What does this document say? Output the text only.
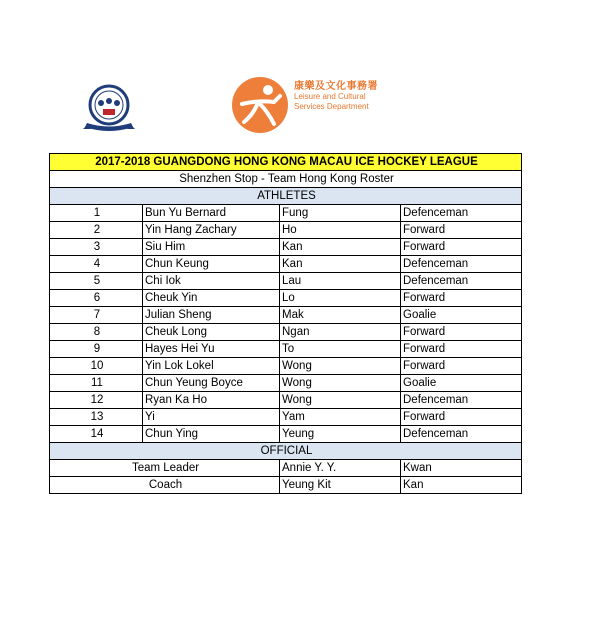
康樂及文化事務署
Leisure and Cultural
Services Department
2017-2018 GUANGDONG HONG KONG MACAU ICE HOCKEY LEAGUE			
Shenzhen Stop - Team Hong Kong Roster			
ATHLETES			
1	Bun Yu Bernard	Fung	Defenceman
2	Yin Hang Zachary	Ho	Forward
3	Siu Him	Kan	Forward
4	Chun Keung	Kan	Defenceman
5	Chi Iok	Lau	Defenceman
6	Cheuk Yin	Lo	Forward
7	Julian Sheng	Mak	Goalie
8	Cheuk Long	Ngan	Forward
9	Hayes Hei Yu	To	Forward
10	Yin Lok Lokel	Wong	Forward
11	Chun Yeung Boyce	Wong	Goalie
12	Ryan Ka Ho	Wong	Defenceman
13	Yi	Yam	Forward
14	Chun Ying	Yeung	Defenceman
OFFICIAL			
Team Leader		Annie Y. Y.	Kwan
Coach		Yeung Kit	Kan
